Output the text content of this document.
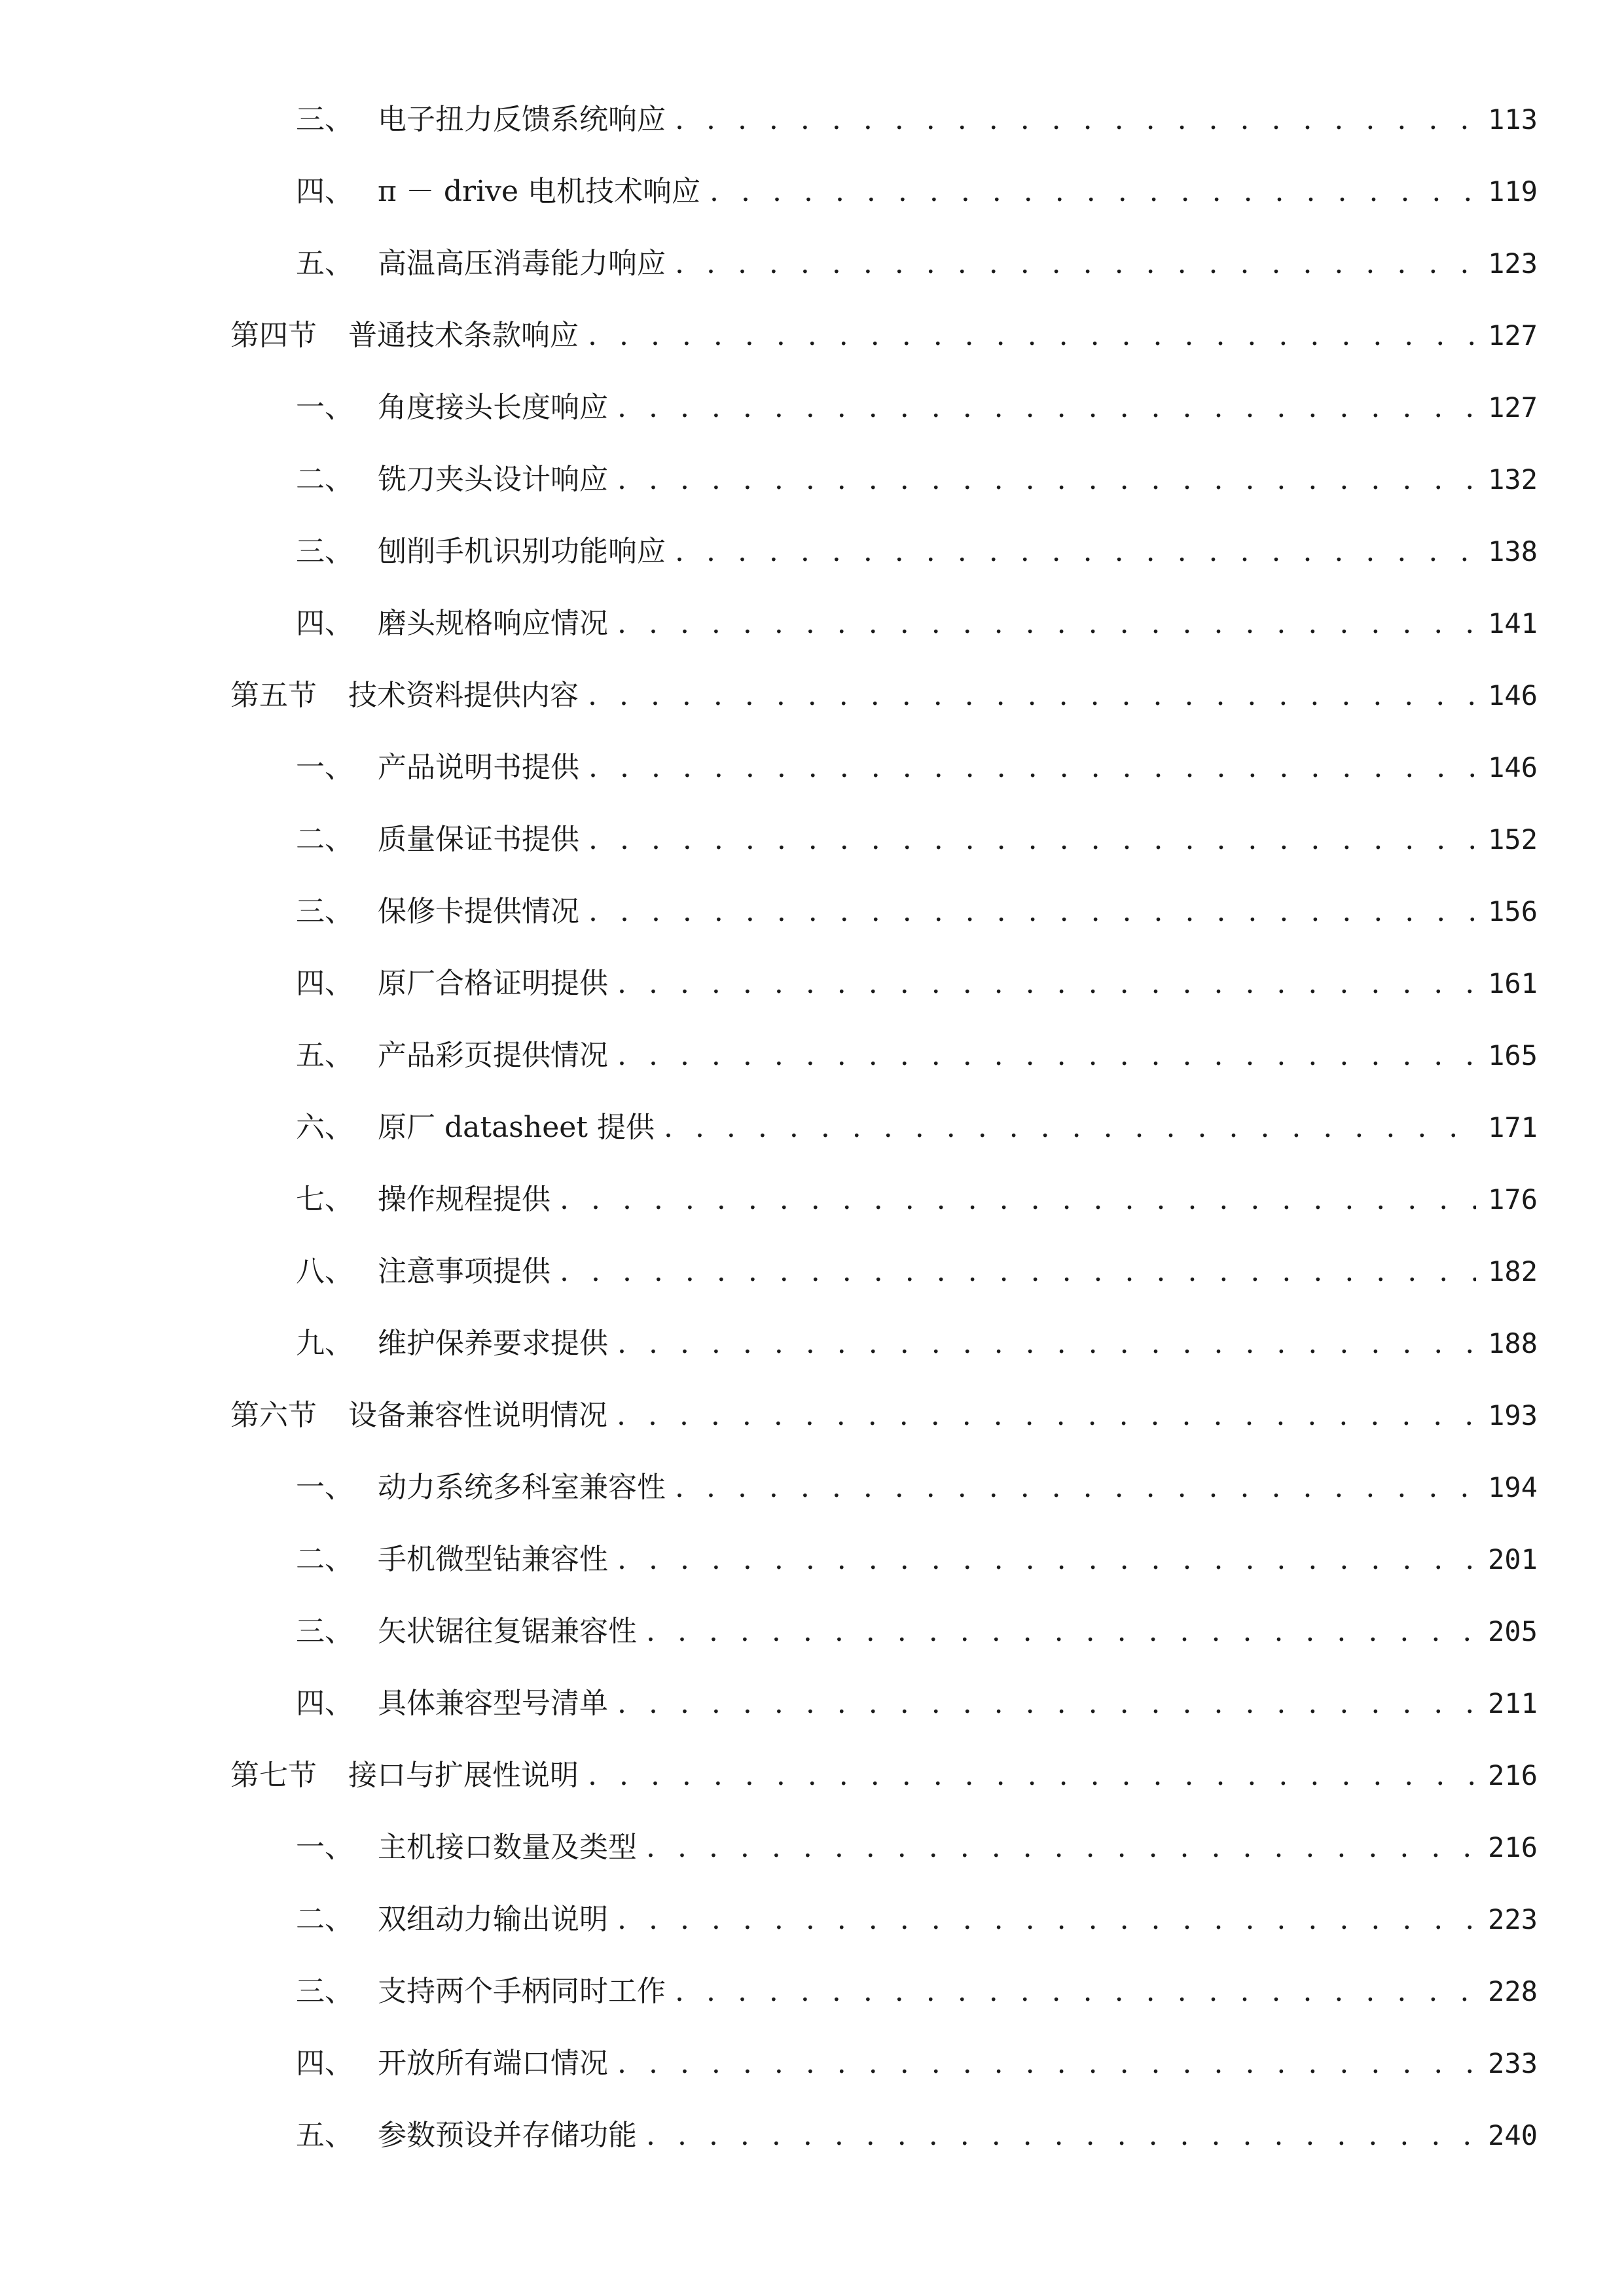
三、 电子扭力反馈系统响应 . . .	113
四、 π － drive 电机技术响应 . . .	119
五、 高温高压消毒能力响应 . . .	123
第四节	普通技术条款响应 . . .	127
一、 角度接头长度响应 . . .	127
二、 铣刀夹头设计响应 . . .	132
三、 刨削手机识别功能响应 . . .	138
四、 磨头规格响应情况 . . .	141
第五节	技术资料提供内容 . . .	146
一、 产品说明书提供 . . .	146
二、 质量保证书提供 . . .	152
三、 保修卡提供情况 . . .	156
四、 原厂合格证明提供 . . .	161
五、 产品彩页提供情况 . . .	165
六、 原厂 datasheet 提供 . . .	171
七、 操作规程提供 . . .	176
八、 注意事项提供 . . .	182
九、 维护保养要求提供 . . .	188
第六节	设备兼容性说明情况 . . .	193
一、 动力系统多科室兼容性 . . .	194
二、 手机微型钻兼容性 . . .	201
三、 矢状锯往复锯兼容性 . . .	205
四、 具体兼容型号清单 . . .	211
第七节	接口与扩展性说明 . . .	216
一、 主机接口数量及类型 . . .	216
二、 双组动力输出说明 . . .	223
三、 支持两个手柄同时工作 . . .	228
四、 开放所有端口情况 . . .	233
五、 参数预设并存储功能 . . .	240
